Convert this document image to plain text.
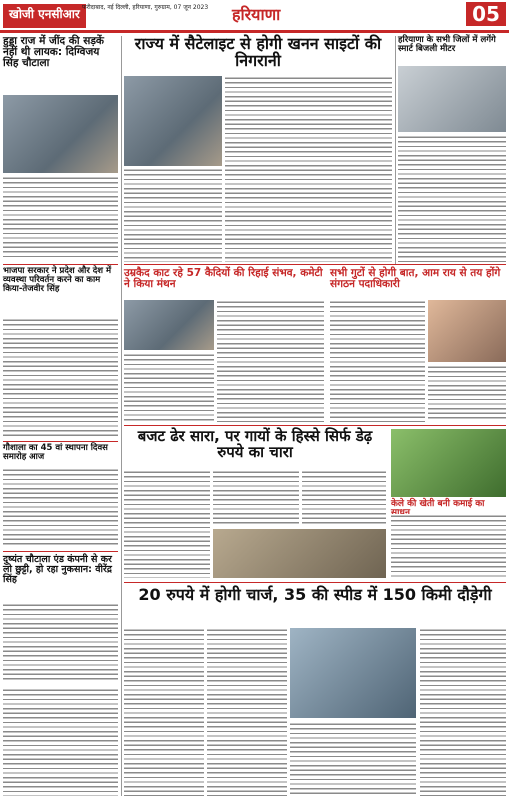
खोजी एनसीआर फरीदाबाद, नई दिल्ली, हरियाणा, गुरुग्राम, 07 जून 2023	हरियाणा	05
हुड्डा राज में जींद की सड़कें नहीं थी लायक: दिग्विजय सिंह चौटाला
राज्य में सैटेलाइट से होगी खनन साइटों की निगरानी
हरियाणा के सभी जिलों में लगेंगे स्मार्ट बिजली मीटर
भाजपा सरकार ने प्रदेश और देश में व्यवस्था परिवर्तन करने का काम किया-तेजवीर सिंह
उम्रकैद काट रहे 57 कैदियों की रिहाई संभव, कमेटी ने किया मंथन
सभी गुटों से होगी बात, आम राय से तय होंगे संगठन पदाधिकारी
गौशाला का 45 वां स्थापना दिवस समारोह आज
बजट ढेर सारा, पर गायों के हिस्से सिर्फ डेढ़ रुपये का चारा
केले की खेती बनी कमाई का
दुष्यंत चौटाला एंड कंपनी से कर लो छुट्टी, हो रहा नुकसान: वीरेंद्र सिंह
20 रुपये में होगी चार्ज, 35 की स्पीड में 150 किमी दौड़ेगी
